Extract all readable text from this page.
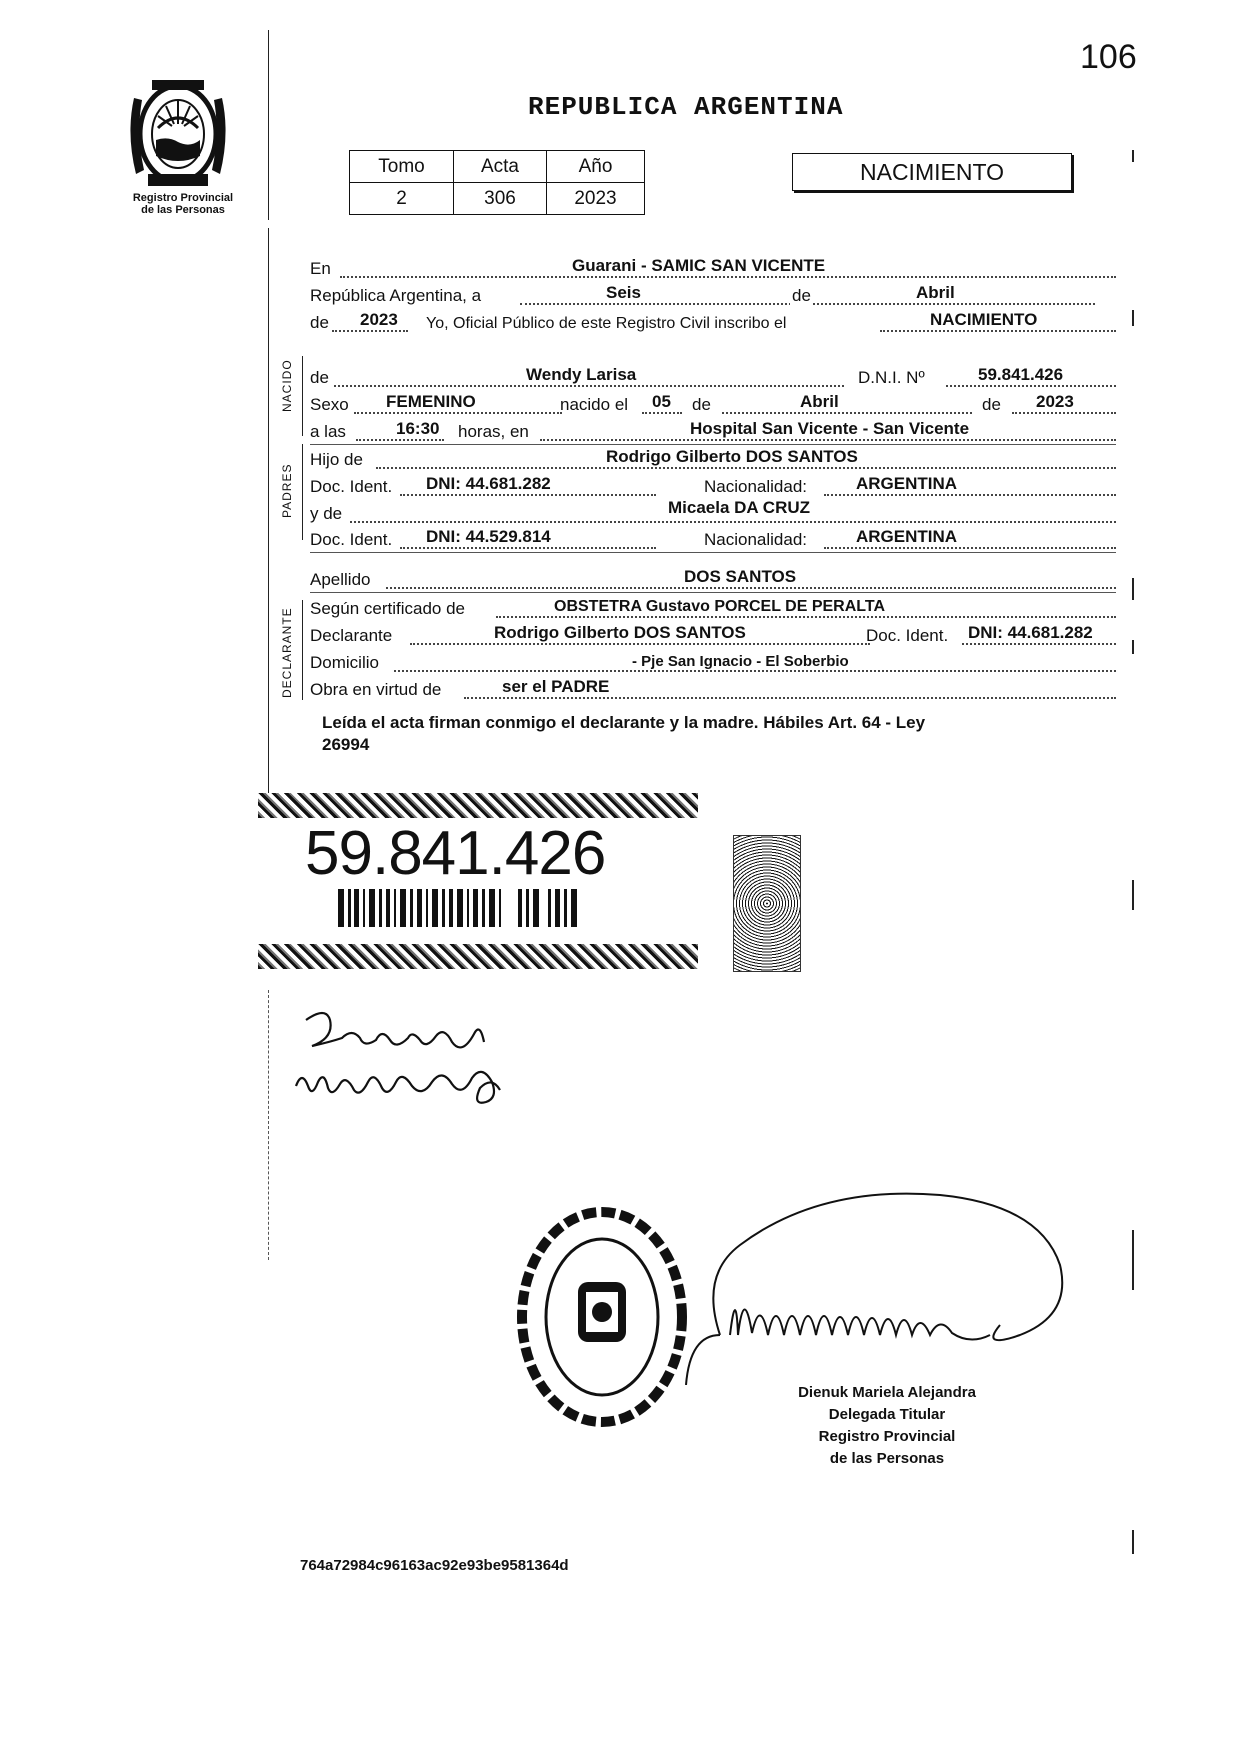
106
REPUBLICA ARGENTINA
Registro Provincial
de las Personas
Tomo	Acta	Año
2	306	2023
NACIMIENTO
NACIDO
PADRES
DECLARANTE
En	Guarani - SAMIC SAN VICENTE
República Argentina, a	Seis	de	Abril
de 2023 Yo, Oficial Público de este Registro Civil inscribo el	NACIMIENTO
de	Wendy Larisa	D.N.I. Nº	59.841.426
Sexo FEMENINO	nacido el 05 de	Abril	de 2023
a las	16:30 horas, en	Hospital San Vicente - San Vicente
Hijo de	Rodrigo Gilberto DOS SANTOS
Doc. Ident. DNI: 44.681.282	Nacionalidad:	ARGENTINA
y de	Micaela DA CRUZ
Doc. Ident. DNI: 44.529.814	Nacionalidad:	ARGENTINA
Apellido	DOS SANTOS
Según certificado de	OBSTETRA Gustavo PORCEL DE PERALTA
Declarante	Rodrigo Gilberto DOS SANTOS	Doc. Ident. DNI: 44.681.282
Domicilio	- Pje San Ignacio - El Soberbio
Obra en virtud de	ser el PADRE
Leída el acta firman conmigo el declarante y la madre. Hábiles Art. 64 - Ley
26994
59.841.426
Dienuk Mariela Alejandra
Delegada Titular
Registro Provincial
de las Personas
764a72984c96163ac92e93be9581364d
